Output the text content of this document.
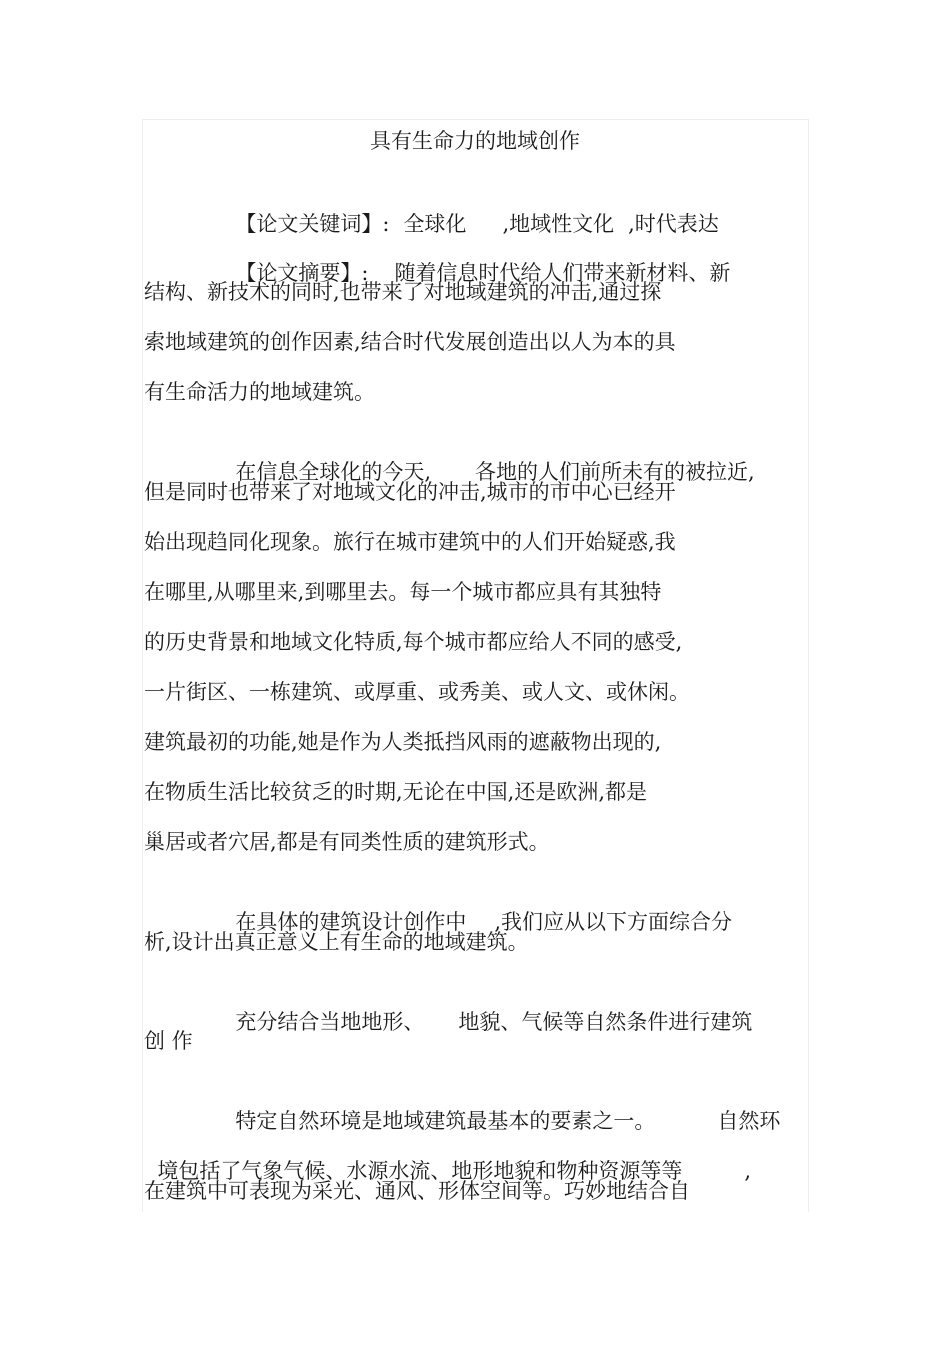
具有生命力的地域创作

【论文关键词】: 全球化 ,地域性文化 ,时代表达

【论文摘要】: 随着信息时代给人们带来新材料、新

结构、新技术的同时,也带来了对地域建筑的冲击,通过探
索地域建筑的创作因素,结合时代发展创造出以人为本的具
有生命活力的地域建筑。

在信息全球化的今天, 各地的人们前所未有的被拉近,

但是同时也带来了对地域文化的冲击,城市的市中心已经开
始出现趋同化现象。旅行在城市建筑中的人们开始疑惑,我
在哪里,从哪里来,到哪里去。每一个城市都应具有其独特
的历史背景和地域文化特质,每个城市都应给人不同的感受,
一片街区、一栋建筑、或厚重、或秀美、或人文、或休闲。
建筑最初的功能,她是作为人类抵挡风雨的遮蔽物出现的,
在物质生活比较贫乏的时期,无论在中国,还是欧洲,都是
巢居或者穴居,都是有同类性质的建筑形式。

在具体的建筑设计创作中 ,我们应从以下方面综合分

析,设计出真正意义上有生命的地域建筑。

充分结合当地地形、 地貌、气候等自然条件进行建筑

创 作

特定自然环境是地域建筑最基本的要素之一。	自然环

境包括了气象气候、水源水流、地形地貌和物种资源等等	,

在建筑中可表现为采光、通风、形体空间等。巧妙地结合自
